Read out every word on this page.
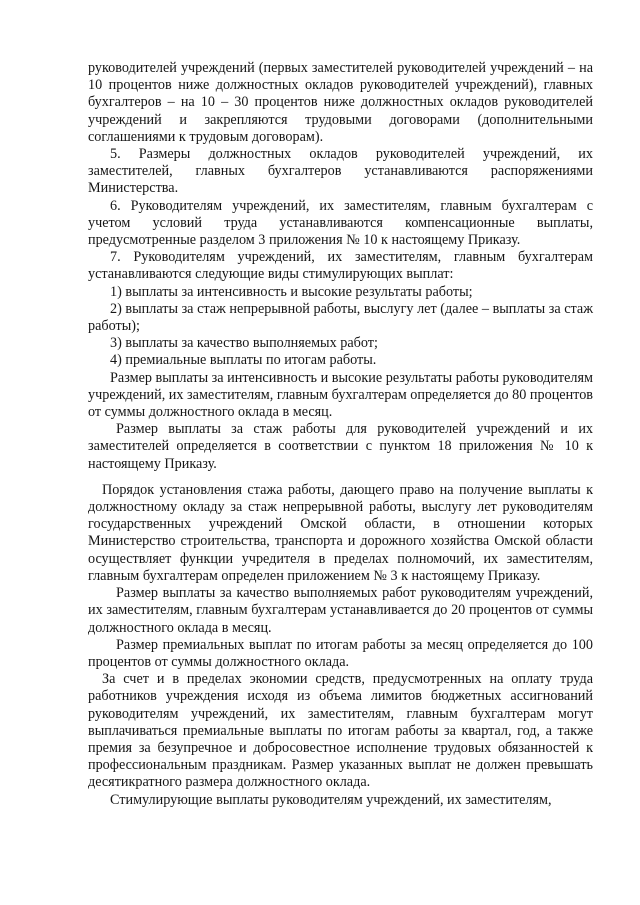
руководителей учреждений (первых заместителей руководителей учреждений – на 10 процентов ниже должностных окладов руководителей учреждений), главных бухгалтеров – на 10 – 30 процентов ниже должностных окладов руководителей учреждений и закрепляются трудовыми договорами (дополнительными соглашениями к трудовым договорам).

5. Размеры должностных окладов руководителей учреждений, их заместителей, главных бухгалтеров устанавливаются распоряжениями Министерства.

6. Руководителям учреждений, их заместителям, главным бухгалтерам с учетом условий труда устанавливаются компенсационные выплаты, предусмотренные разделом 3 приложения № 10 к настоящему Приказу.

7. Руководителям учреждений, их заместителям, главным бухгалтерам устанавливаются следующие виды стимулирующих выплат:

1) выплаты за интенсивность и высокие результаты работы;

2) выплаты за стаж непрерывной работы, выслугу лет (далее – выплаты за стаж работы);

3) выплаты за качество выполняемых работ;

4) премиальные выплаты по итогам работы.

Размер выплаты за интенсивность и высокие результаты работы руководителям учреждений, их заместителям, главным бухгалтерам определяется до 80 процентов от суммы должностного оклада в месяц.

Размер выплаты за стаж работы для руководителей учреждений и их заместителей определяется в соответствии с пунктом 18 приложения № 10 к настоящему Приказу.

Порядок установления стажа работы, дающего право на получение выплаты к должностному окладу за стаж непрерывной работы, выслугу лет руководителям государственных учреждений Омской области, в отношении которых Министерство строительства, транспорта и дорожного хозяйства Омской области осуществляет функции учредителя в пределах полномочий, их заместителям, главным бухгалтерам определен приложением № 3 к настоящему Приказу.

Размер выплаты за качество выполняемых работ руководителям учреждений, их заместителям, главным бухгалтерам устанавливается до 20 процентов от суммы должностного оклада в месяц.

Размер премиальных выплат по итогам работы за месяц определяется до 100 процентов от суммы должностного оклада.

За счет и в пределах экономии средств, предусмотренных на оплату труда работников учреждения исходя из объема лимитов бюджетных ассигнований руководителям учреждений, их заместителям, главным бухгалтерам могут выплачиваться премиальные выплаты по итогам работы за квартал, год, а также премия за безупречное и добросовестное исполнение трудовых обязанностей к профессиональным праздникам. Размер указанных выплат не должен превышать десятикратного размера должностного оклада.

Стимулирующие выплаты руководителям учреждений, их заместителям,
